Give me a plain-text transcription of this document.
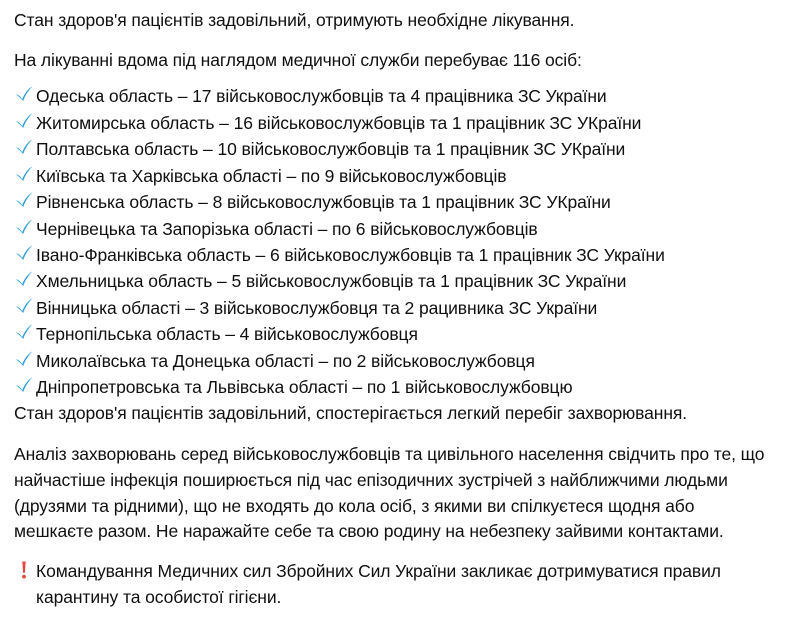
Стан здоров'я пацієнтів задовільний, отримують необхідне лікування.

На лікуванні вдома під наглядом медичної служби перебуває 116 осіб:

Одеська область – 17 військовослужбовців та 4 працівника ЗС України
Житомирська область – 16 військовослужбовців та 1 працівник ЗС УКраїни
Полтавська область – 10 військовослужбовців та 1 працівник ЗС УКраїни
Київська та Харківська області – по 9 військовослужбовців
Рівненська область – 8 військовослужбовців та 1 працівник ЗС УКраїни
Чернівецька та Запорізька області – по 6 військовослужбовців
Івано-Франківська область – 6 військовослужбовців та 1 працівник ЗС України
Хмельницька область – 5 військовослужбовців та 1 працівник ЗС України
Вінницька області – 3 військовослужбовця та 2 рацивника ЗС України
Тернопільська область – 4 військовослужбовця
Миколаївська та Донецька області – по 2 військовослужбовця
Дніпропетровська та Львівська області – по 1 військовослужбовцю

Стан здоров'я пацієнтів задовільний, спостерігається легкий перебіг захворювання.

Аналіз захворювань серед військовослужбовців та цивільного населення свідчить про те, що найчастіше інфекція поширюється під час епізодичних зустрічей з найближчими людьми (друзями та рідними), що не входять до кола осіб, з якими ви спілкуєтеся щодня або мешкаєте разом. Не наражайте себе та свою родину на небезпеку зайвими контактами.

Командування Медичних сил Збройних Сил України закликає дотримуватися правил карантину та особистої гігієни.
